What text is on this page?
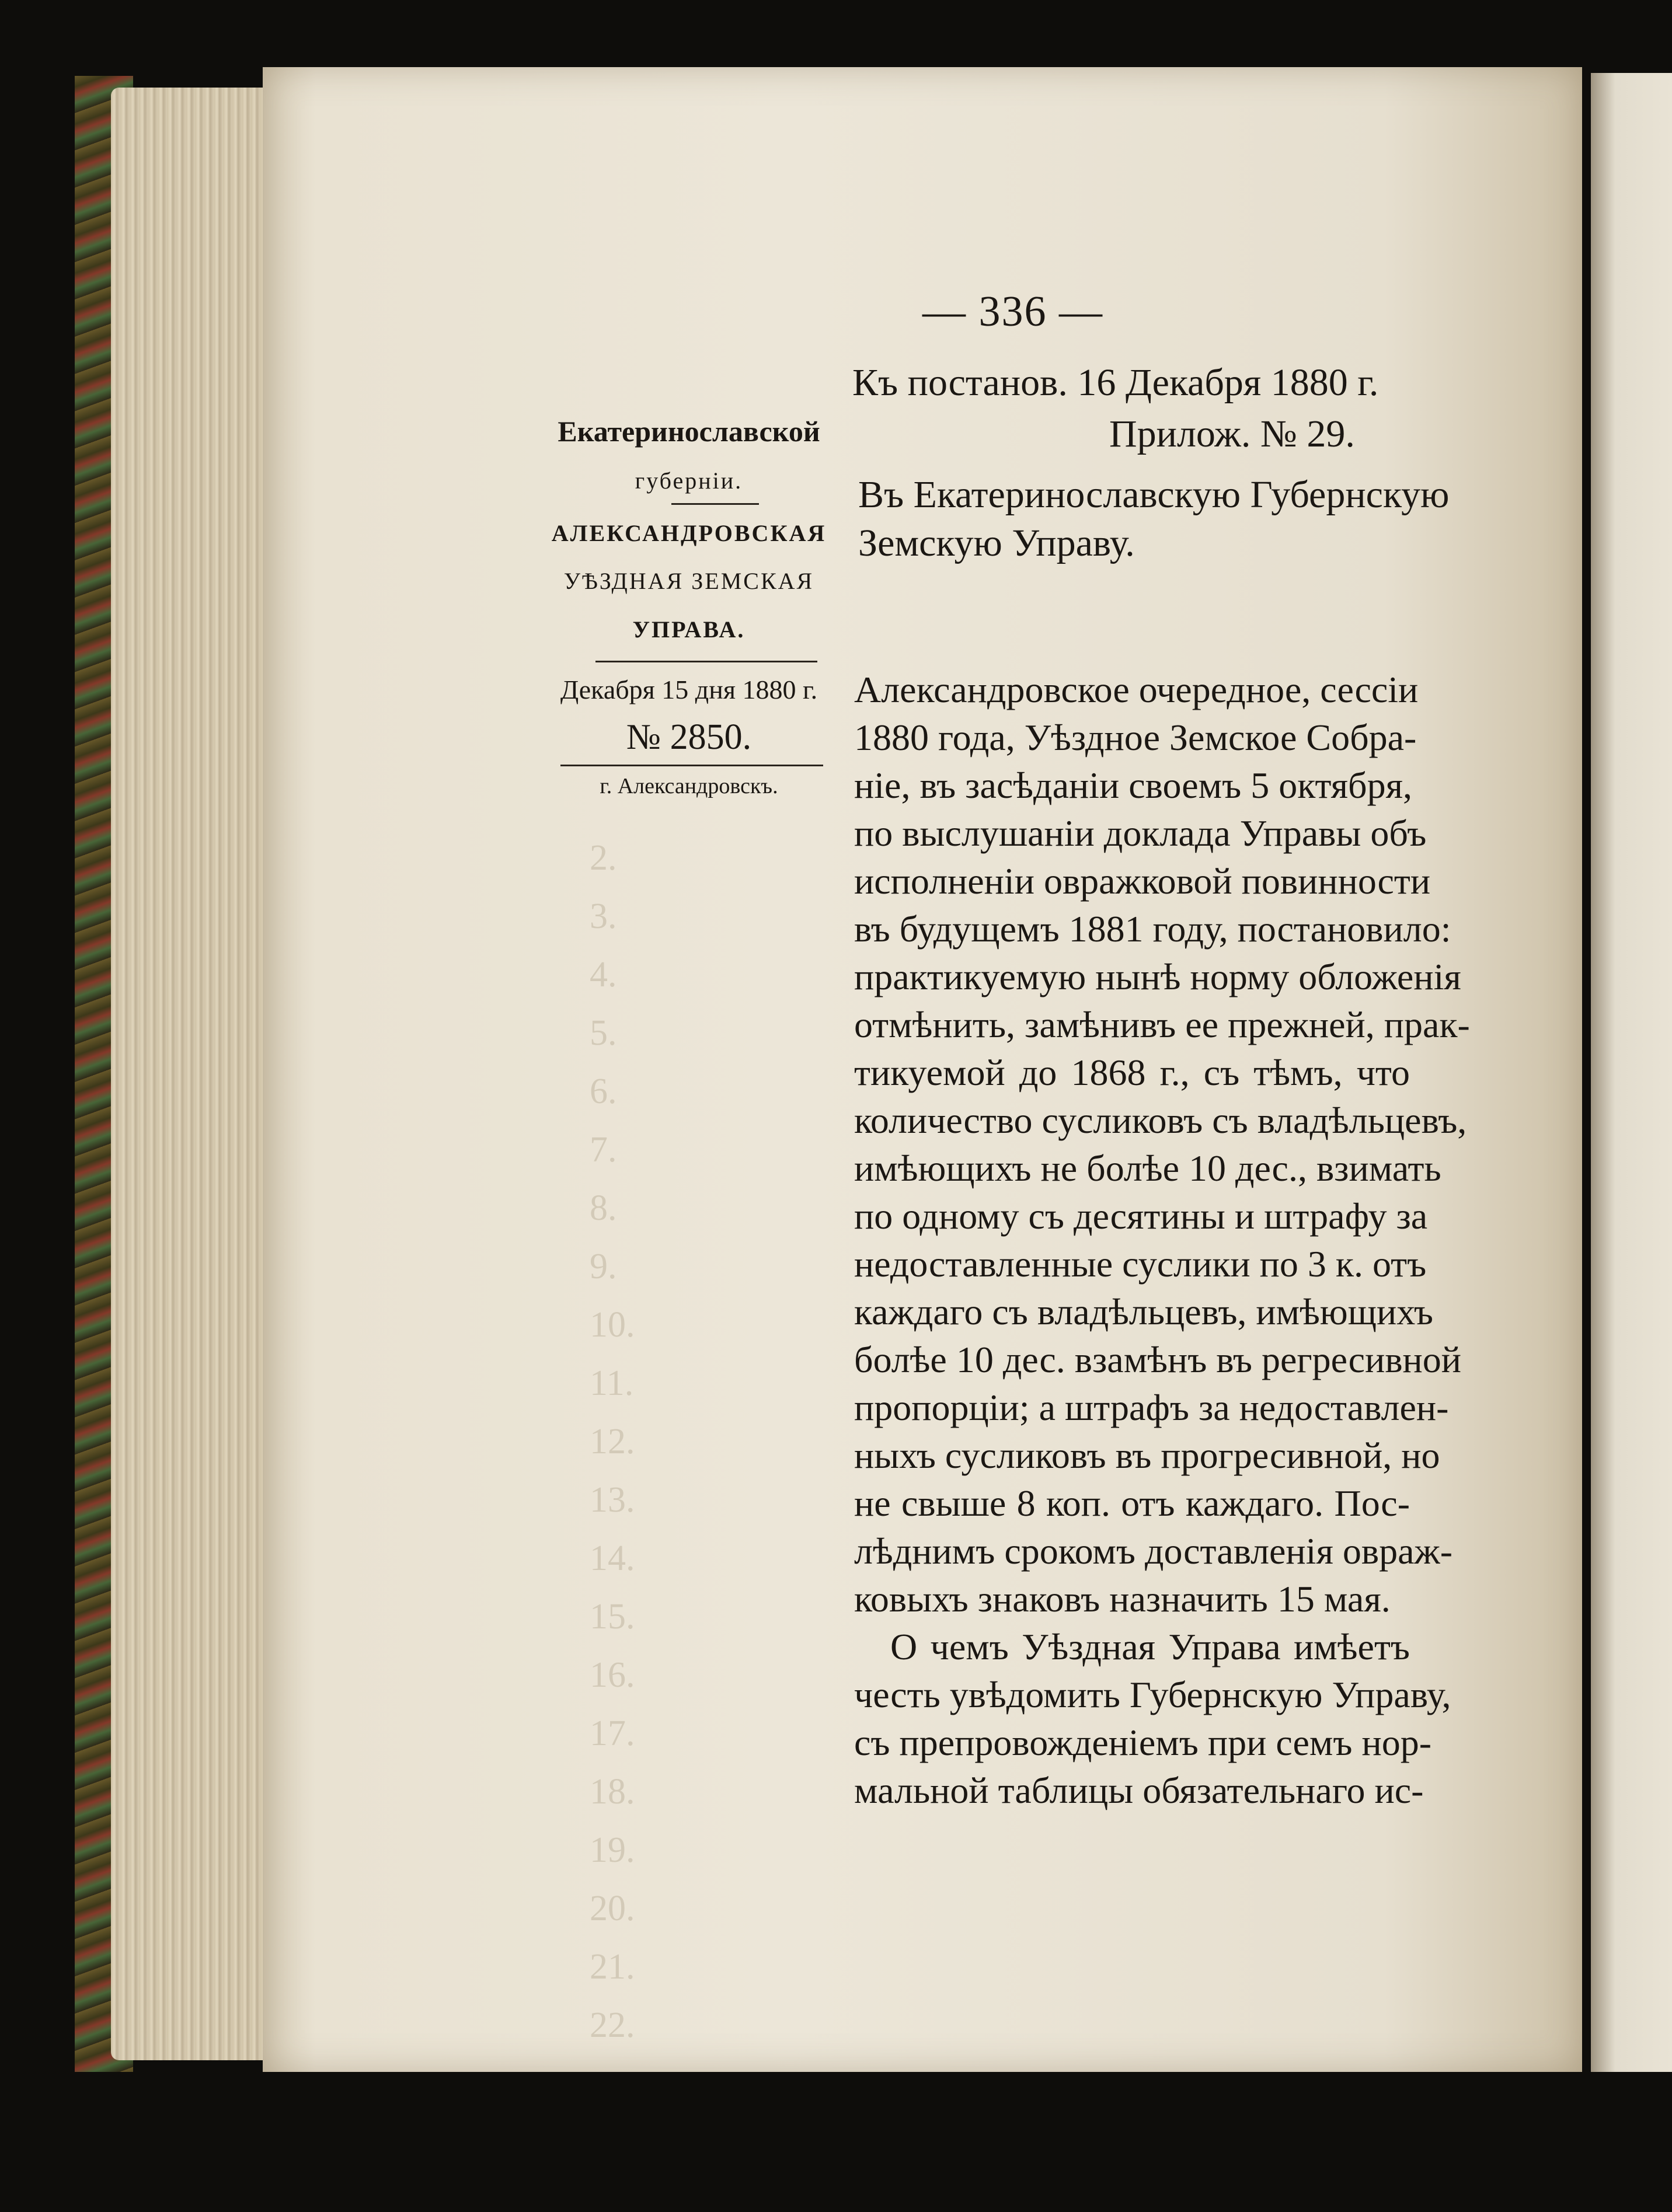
2.
3.
4.
5.
6.
7.
8.
9.
10.
11.
12.
13.
14.
15.
16.
17.
18.
19.
20.
21.
22.
— 336 —
Къ постанов. 16 Декабря 1880 г.
Прилож. № 29.
Въ Екатеринославскую Губернскую
Земскую Управу.
Екатеринославской
губерніи.
АЛЕКСАНДРОВСКАЯ
УѢЗДНАЯ ЗЕМСКАЯ
УПРАВА.
Декабря 15 дня 1880 г.
№ 2850.
г. Александровскъ.
Александровское очередное, сессіи
1880 года, Уѣздное Земское Собра-
ніе, въ засѣданіи своемъ 5 октября,
по выслушаніи доклада Управы объ
исполненіи овражковой повинности
въ будущемъ 1881 году, постановило:
практикуемую нынѣ норму обложенія
отмѣнить, замѣнивъ ее прежней, прак-
тикуемой до 1868 г., съ тѣмъ, что
количество сусликовъ съ владѣльцевъ,
имѣющихъ не болѣе 10 дес., взимать
по одному съ десятины и штрафу за
недоставленные суслики по 3 к. отъ
каждаго съ владѣльцевъ, имѣющихъ
болѣе 10 дес. взамѣнъ въ регресивной
пропорціи; а штрафъ за недоставлен-
ныхъ сусликовъ въ прогресивной, но
не свыше 8 коп. отъ каждаго. Пос-
лѣднимъ срокомъ доставленія овраж-
ковыхъ знаковъ назначить 15 мая.
О чемъ Уѣздная Управа имѣетъ
честь увѣдомить Губернскую Управу,
съ препровожденіемъ при семъ нор-
мальной таблицы обязательнаго ис-
